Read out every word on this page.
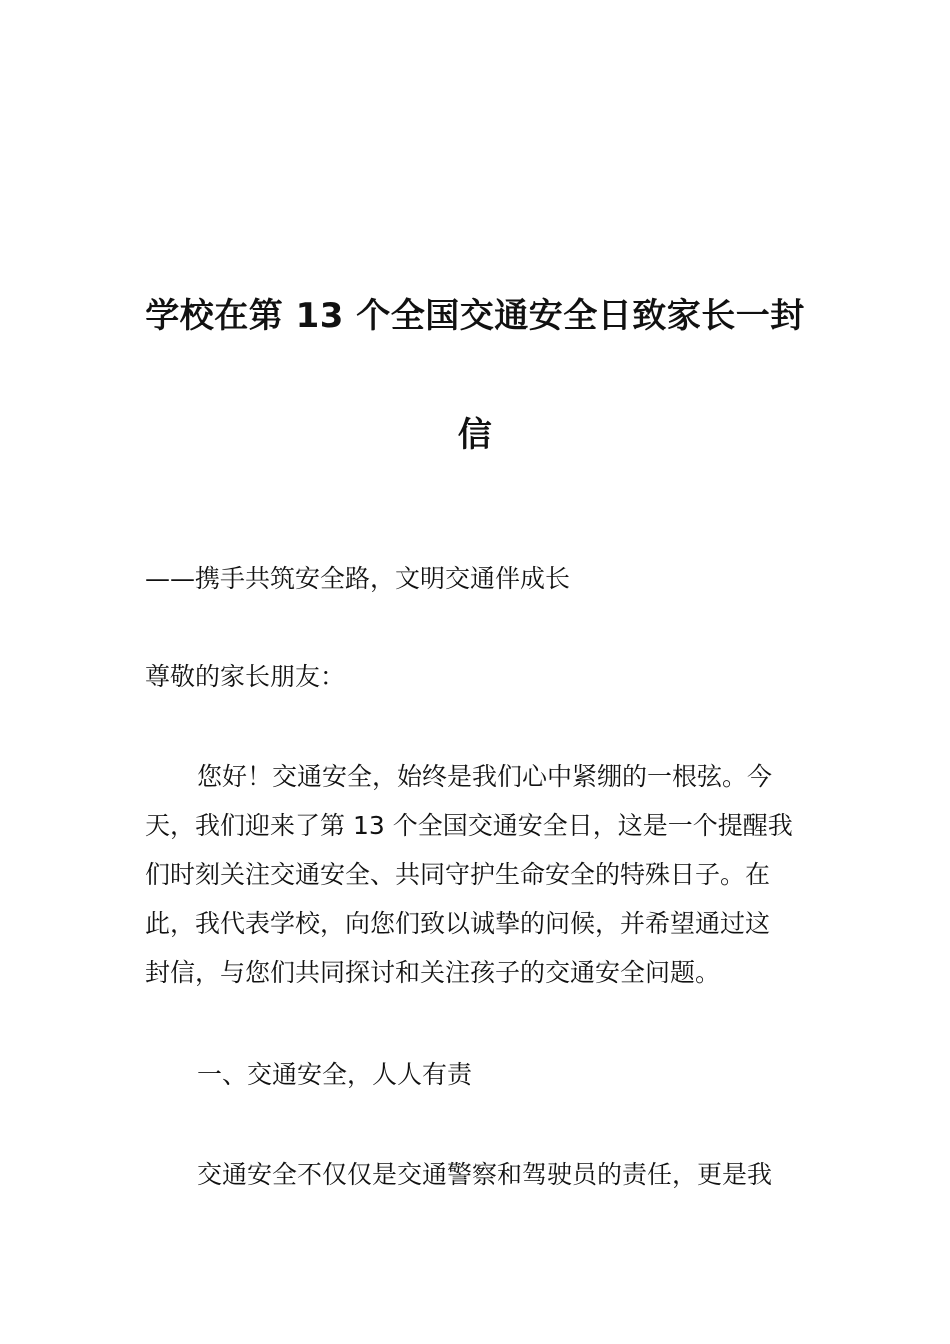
学校在第 13 个全国交通安全日致家长一封
信
——携手共筑安全路，文明交通伴成长
尊敬的家长朋友：
您好！交通安全，始终是我们心中紧绷的一根弦。今
天，我们迎来了第 13 个全国交通安全日，这是一个提醒我
们时刻关注交通安全、共同守护生命安全的特殊日子。在
此，我代表学校，向您们致以诚挚的问候，并希望通过这
封信，与您们共同探讨和关注孩子的交通安全问题。
一、交通安全，人人有责
交通安全不仅仅是交通警察和驾驶员的责任，更是我
